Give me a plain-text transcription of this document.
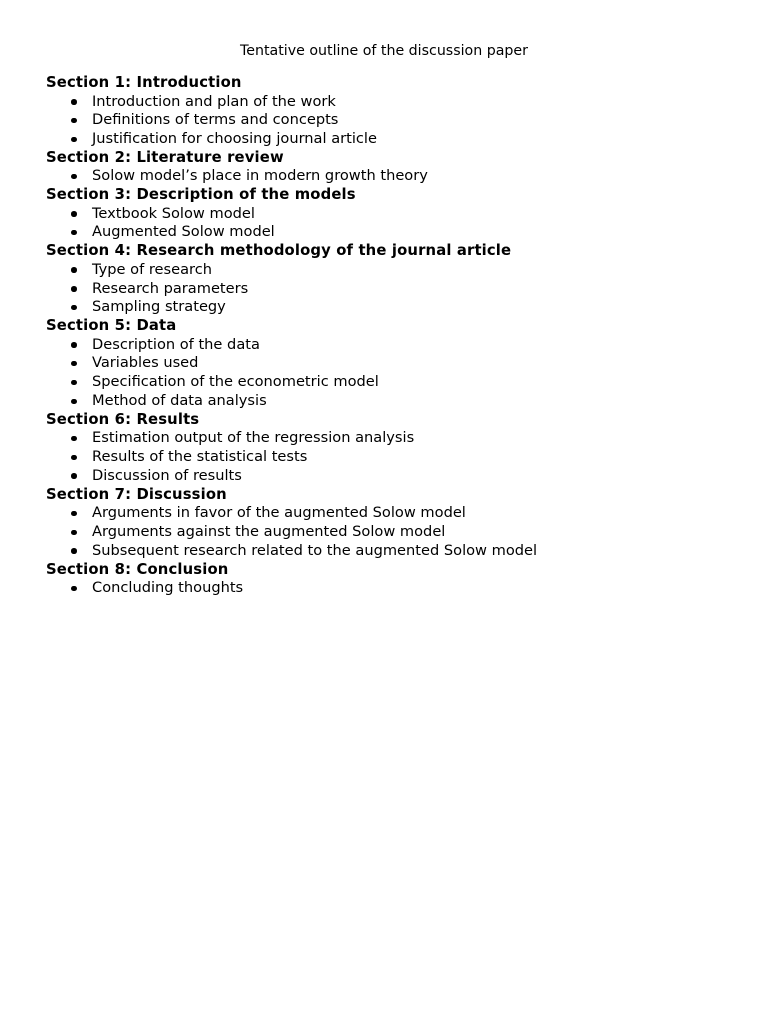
Tentative outline of the discussion paper
Section 1: Introduction
Introduction and plan of the work
Definitions of terms and concepts
Justification for choosing journal article
Section 2: Literature review
Solow model’s place in modern growth theory
Section 3: Description of the models
Textbook Solow model
Augmented Solow model
Section 4: Research methodology of the journal article
Type of research
Research parameters
Sampling strategy
Section 5: Data
Description of the data
Variables used
Specification of the econometric model
Method of data analysis
Section 6: Results
Estimation output of the regression analysis
Results of the statistical tests
Discussion of results
Section 7: Discussion
Arguments in favor of the augmented Solow model
Arguments against the augmented Solow model
Subsequent research related to the augmented Solow model
Section 8: Conclusion
Concluding thoughts
